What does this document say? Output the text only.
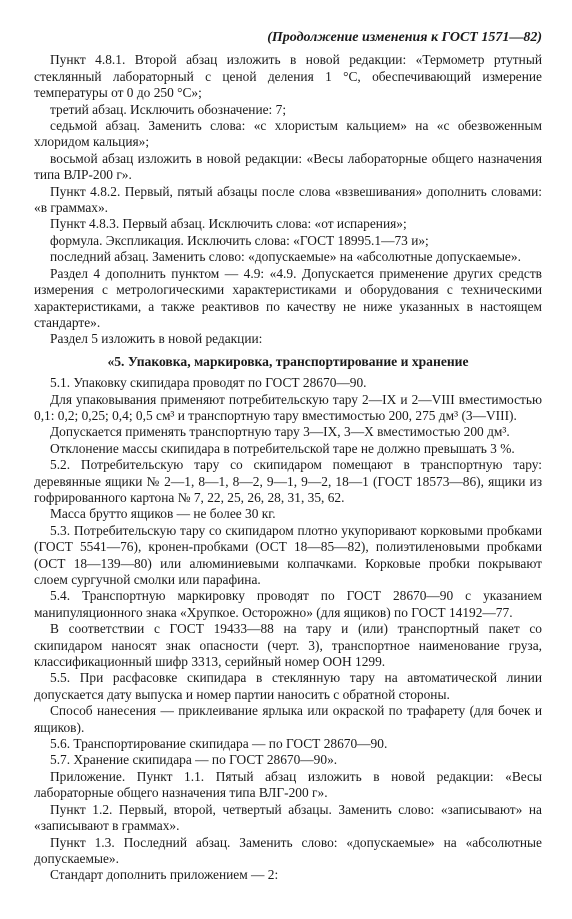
(Продолжение изменения к ГОСТ 1571—82)

Пункт 4.8.1. Второй абзац изложить в новой редакции: «Термометр ртутный стеклянный лабораторный с ценой деления 1 °С, обеспечивающий измерение температуры от 0 до 250 °С»;

третий абзац. Исключить обозначение: 7;

седьмой абзац. Заменить слова: «с хлористым кальцием» на «с обезвоженным хлоридом кальция»;

восьмой абзац изложить в новой редакции: «Весы лабораторные общего назначения типа ВЛР-200 г».

Пункт 4.8.2. Первый, пятый абзацы после слова «взвешивания» дополнить словами: «в граммах».

Пункт 4.8.3. Первый абзац. Исключить слова: «от испарения»;

формула. Экспликация. Исключить слова: «ГОСТ 18995.1—73 и»;

последний абзац. Заменить слово: «допускаемые» на «абсолютные допускаемые».

Раздел 4 дополнить пунктом — 4.9: «4.9. Допускается применение других средств измерения с метрологическими характеристиками и оборудования с техническими характеристиками, а также реактивов по качеству не ниже указанных в настоящем стандарте».

Раздел 5 изложить в новой редакции:

«5. Упаковка, маркировка, транспортирование и хранение

5.1. Упаковку скипидара проводят по ГОСТ 28670—90.

Для упаковывания применяют потребительскую тару 2—IX и 2—VIII вместимостью 0,1: 0,2; 0,25; 0,4; 0,5 см³ и транспортную тару вместимостью 200, 275 дм³ (3—VIII).

Допускается применять транспортную тару 3—IX, 3—X вместимостью 200 дм³.

Отклонение массы скипидара в потребительской таре не должно превышать 3 %.

5.2. Потребительскую тару со скипидаром помещают в транспортную тару: деревянные ящики № 2—1, 8—1, 8—2, 9—1, 9—2, 18—1 (ГОСТ 18573—86), ящики из гофрированного картона № 7, 22, 25, 26, 28, 31, 35, 62.

Масса брутто ящиков — не более 30 кг.

5.3. Потребительскую тару со скипидаром плотно укупоривают корковыми пробками (ГОСТ 5541—76), кронен-пробками (ОСТ 18—85—82), полиэтиленовыми пробками (ОСТ 18—139—80) или алюминиевыми колпачками. Корковые пробки покрывают слоем сургучной смолки или парафина.

5.4. Транспортную маркировку проводят по ГОСТ 28670—90 с указанием манипуляционного знака «Хрупкое. Осторожно» (для ящиков) по ГОСТ 14192—77.

В соответствии с ГОСТ 19433—88 на тару и (или) транспортный пакет со скипидаром наносят знак опасности (черт. 3), транспортное наименование груза, классификационный шифр 3313, серийный номер ООН 1299.

5.5. При расфасовке скипидара в стеклянную тару на автоматической линии допускается дату выпуска и номер партии наносить с обратной стороны.

Способ нанесения — приклеивание ярлыка или окраской по трафарету (для бочек и ящиков).

5.6. Транспортирование скипидара — по ГОСТ 28670—90.

5.7. Хранение скипидара — по ГОСТ 28670—90».

Приложение. Пункт 1.1. Пятый абзац изложить в новой редакции: «Весы лабораторные общего назначения типа ВЛГ-200 г».

Пункт 1.2. Первый, второй, четвертый абзацы. Заменить слово: «записывают» на «записывают в граммах».

Пункт 1.3. Последний абзац. Заменить слово: «допускаемые» на «абсолютные допускаемые».

Стандарт дополнить приложением — 2:
